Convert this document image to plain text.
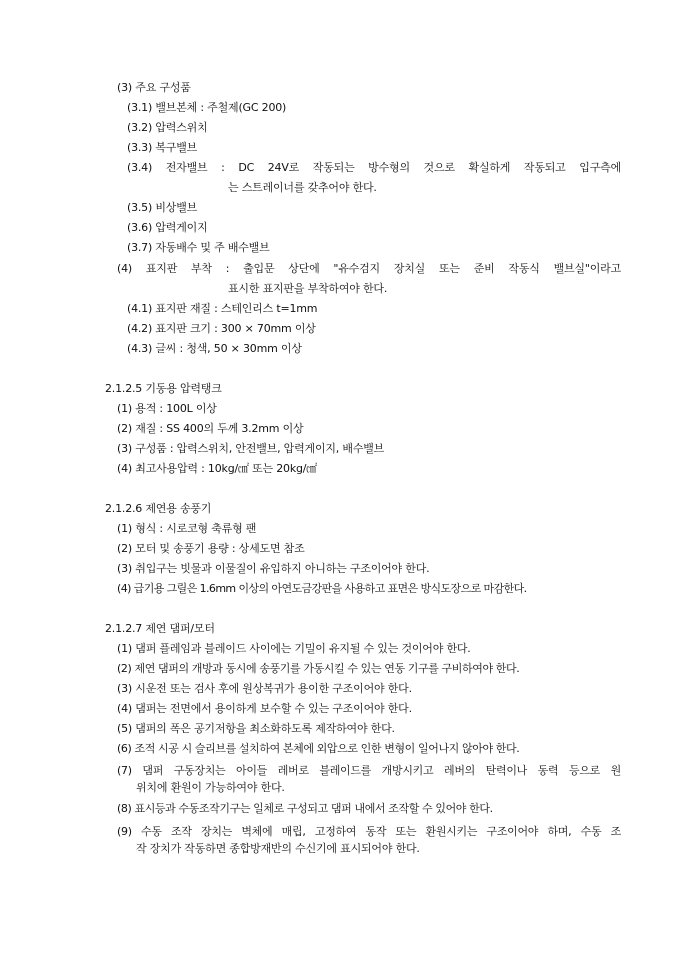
(3) 주요 구성품
(3.1) 밸브본체 : 주철제(GC 200)
(3.2) 압력스위치
(3.3) 복구밸브
(3.4) 전자밸브 : DC 24V로 작동되는 방수형의 것으로 확실하게 작동되고 입구측에
는 스트레이너를 갖추어야 한다.
(3.5) 비상밸브
(3.6) 압력게이지
(3.7) 자동배수 및 주 배수밸브
(4) 표지판 부착 : 출입문 상단에 "유수검지 장치실 또는 준비 작동식 밸브실"이라고
표시한 표지판을 부착하여야 한다.
(4.1) 표지판 재질 : 스테인리스 t=1mm
(4.2) 표지판 크기 : 300 × 70mm 이상
(4.3) 글씨 : 청색, 50 × 30mm 이상
2.1.2.5 기동용 압력탱크
(1) 용적 : 100L 이상
(2) 재질 : SS 400의 두께 3.2mm 이상
(3) 구성품 : 압력스위치, 안전밸브, 압력게이지, 배수밸브
(4) 최고사용압력 : 10kg/㎠ 또는 20kg/㎠
2.1.2.6 제연용 송풍기
(1) 형식 : 시로코형 축류형 팬
(2) 모터 및 송풍기 용량 : 상세도면 참조
(3) 취입구는 빗물과 이물질이 유입하지 아니하는 구조이어야 한다.
(4) 급기용 그릴은 1.6mm 이상의 아연도금강판을 사용하고 표면은 방식도장으로 마감한다.
2.1.2.7 제연 댐퍼/모터
(1) 댐퍼 플레임과 블레이드 사이에는 기밀이 유지될 수 있는 것이어야 한다.
(2) 제연 댐퍼의 개방과 동시에 송풍기를 가동시킬 수 있는 연동 기구를 구비하여야 한다.
(3) 시운전 또는 검사 후에 원상복귀가 용이한 구조이어야 한다.
(4) 댐퍼는 전면에서 용이하게 보수할 수 있는 구조이어야 한다.
(5) 댐퍼의 폭은 공기저항을 최소화하도록 제작하여야 한다.
(6) 조적 시공 시 슬리브를 설치하여 본체에 외압으로 인한 변형이 일어나지 않아야 한다.
(7) 댐퍼 구동장치는 아이들 레버로 블레이드를 개방시키고 레버의 탄력이나 동력 등으로 원
위치에 환원이 가능하여야 한다.
(8) 표시등과 수동조작기구는 일체로 구성되고 댐퍼 내에서 조작할 수 있어야 한다.
(9) 수동 조작 장치는 벽체에 매립, 고정하여 동작 또는 환원시키는 구조이어야 하며, 수동 조
작 장치가 작동하면 종합방재반의 수신기에 표시되어야 한다.
